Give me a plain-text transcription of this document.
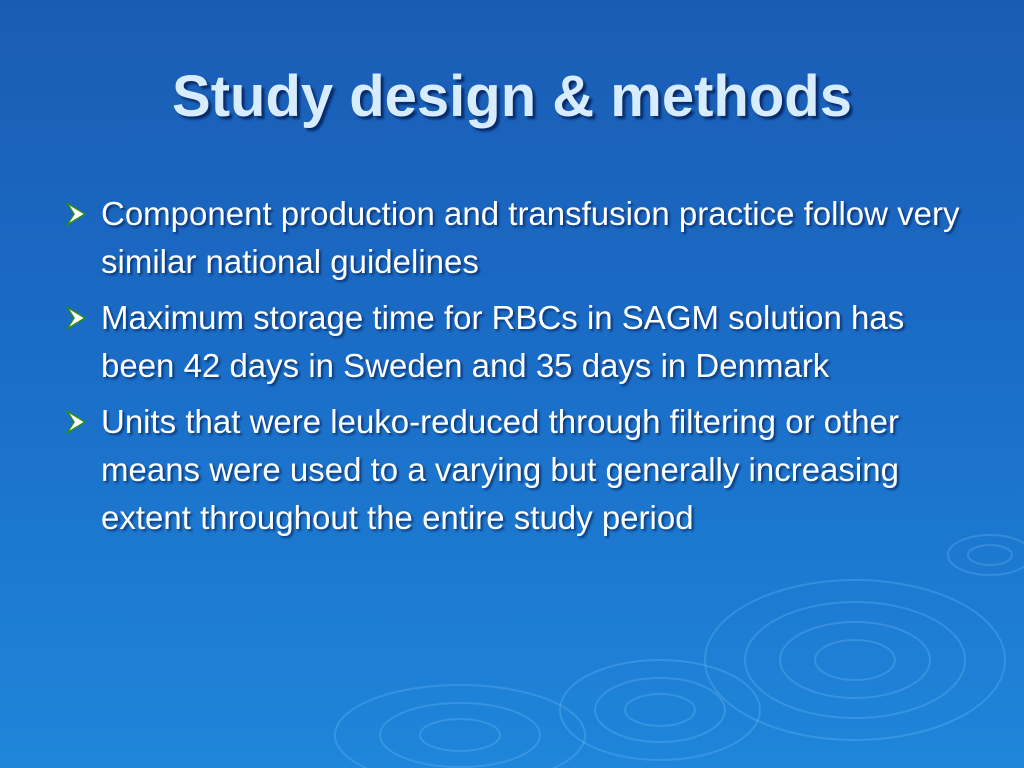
Study design & methods
Component production and transfusion practice follow very similar national guidelines
Maximum storage time for RBCs in SAGM solution has been 42 days in Sweden and 35 days in Denmark
Units that were leuko-reduced through filtering or other means were used to a varying but generally increasing extent throughout the entire study period
